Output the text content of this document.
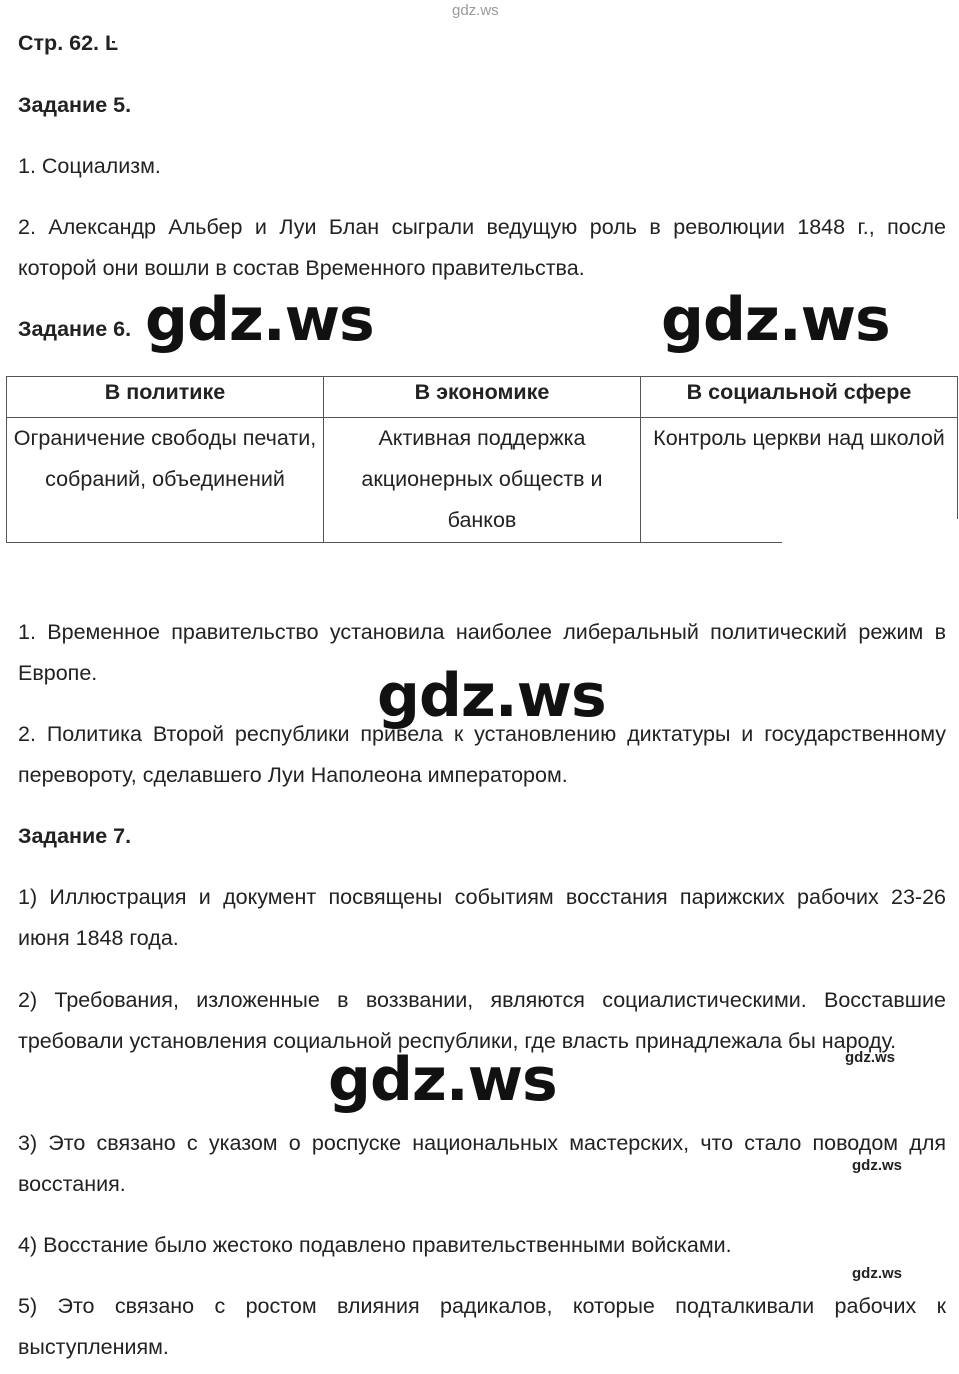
gdz.ws

Стр. 62. Ŀ

Задание 5.

1. Социализм.

2. Александр Альбер и Луи Блан сыграли ведущую роль в революции 1848 г., после которой они вошли в состав Временного правительства.

Задание 6.

В политике	В экономике	В социальной сфере
Ограничение свободы печати, собраний, объединений	Активная поддержка акционерных обществ и банков	Контроль церкви над школой

1. Временное правительство установила наиболее либеральный политический режим в Европе.

2. Политика Второй республики привела к установлению диктатуры и государственному перевороту, сделавшего Луи Наполеона императором.

Задание 7.

1) Иллюстрация и документ посвящены событиям восстания парижских рабочих 23-26 июня 1848 года.

2) Требования, изложенные в воззвании, являются социалистическими. Восставшие требовали установления социальной республики, где власть принадлежала бы народу.

3) Это связано с указом о роспуске национальных мастерских, что стало поводом для восстания.

4) Восстание было жестоко подавлено правительственными войсками.

5) Это связано с ростом влияния радикалов, которые подталкивали рабочих к выступлениям.

gdz.ws	gdz.ws
gdz.ws
gdz.ws	gdz.ws
gdz.ws
gdz.ws
